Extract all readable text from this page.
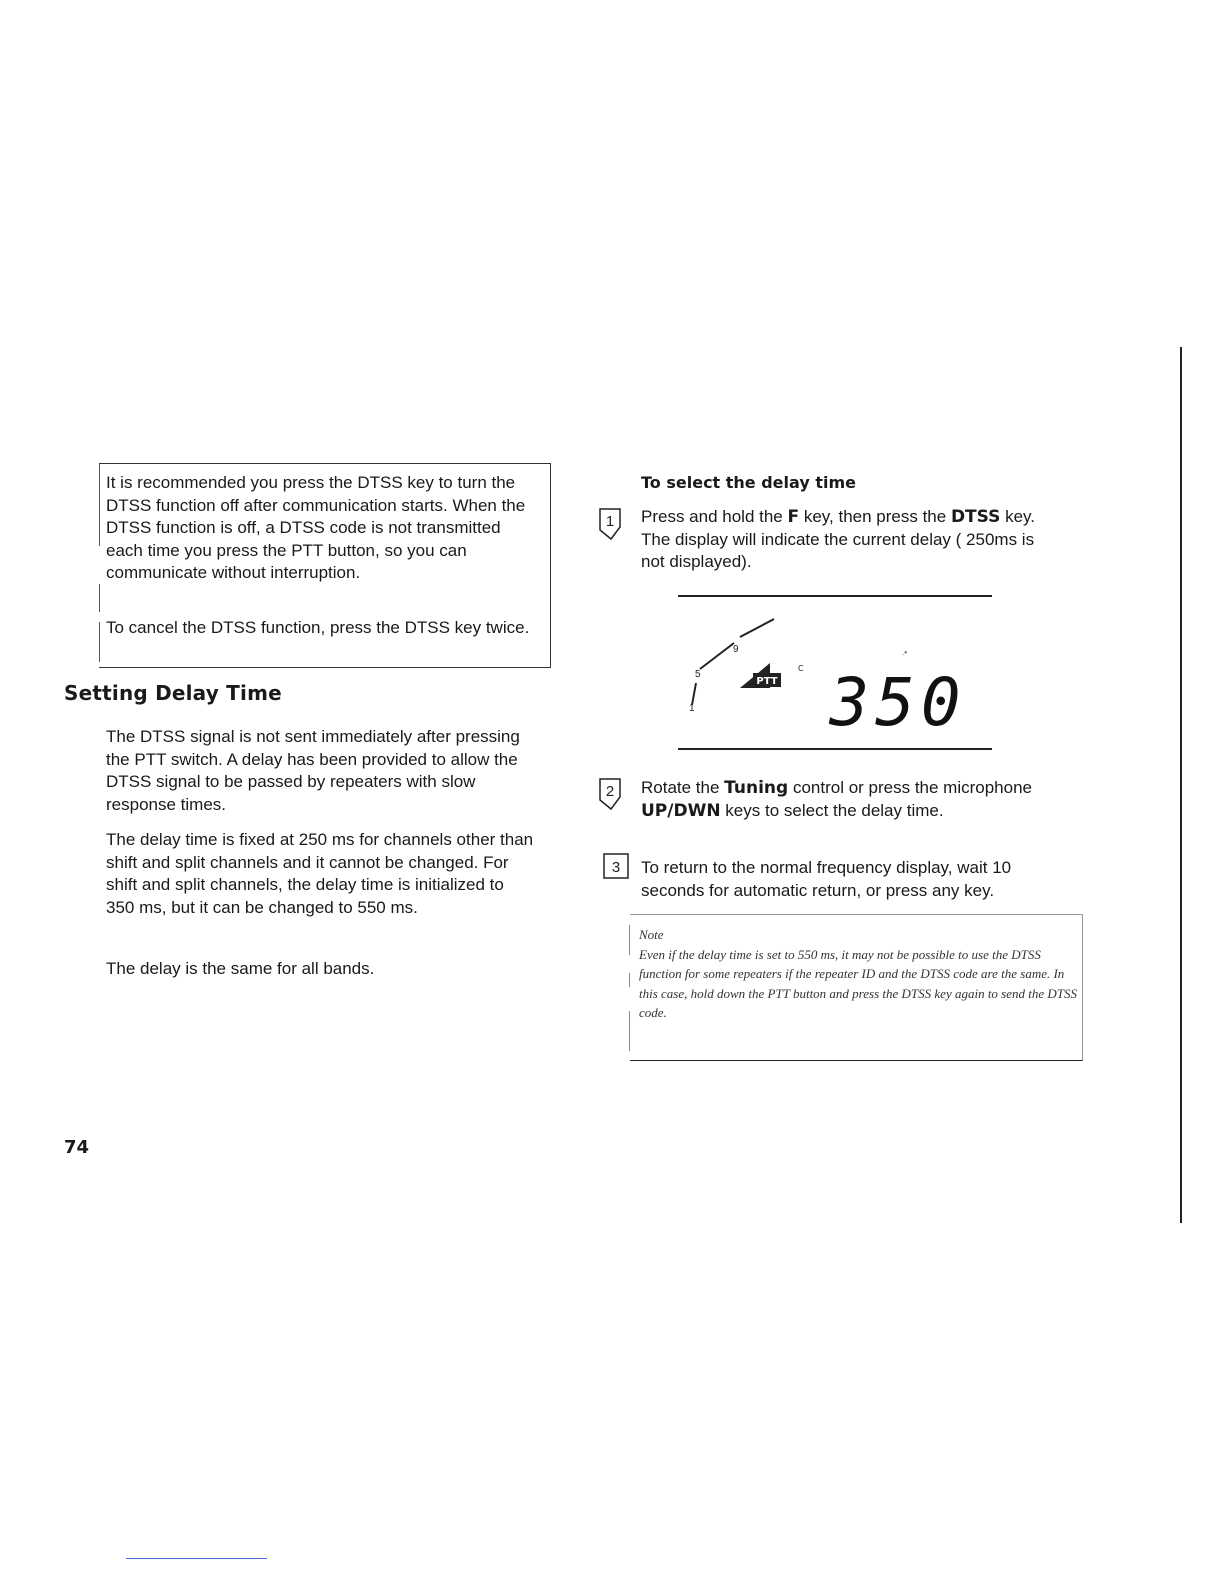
It is recommended you press the DTSS key to turn the DTSS function off after communication starts. When the DTSS function is off, a DTSS code is not transmitted each time you press the PTT button, so you can communicate without interruption.

To cancel the DTSS function, press the DTSS key twice.

Setting Delay Time

The DTSS signal is not sent immediately after pressing the PTT switch. A delay has been provided to allow the DTSS signal to be passed by repeaters with slow response times.

The delay time is fixed at 250 ms for channels other than shift and split channels and it cannot be changed. For shift and split channels, the delay time is initialized to 350 ms, but it can be changed to 550 ms.

The delay is the same for all bands.

To select the delay time
1 Press and hold the F key, then press the DTSS key. The display will indicate the current delay ( 250ms is not displayed).

1
5
9
PTT
C
.•
350
2 Rotate the Tuning control or press the microphone UP/DWN keys to select the delay time.

3 To return to the normal frequency display, wait 10 seconds for automatic return, or press any key.

Note
Even if the delay time is set to 550 ms, it may not be possible to use the DTSS function for some repeaters if the repeater ID and the DTSS code are the same. In this case, hold down the PTT button and press the DTSS key again to send the DTSS code.

74
